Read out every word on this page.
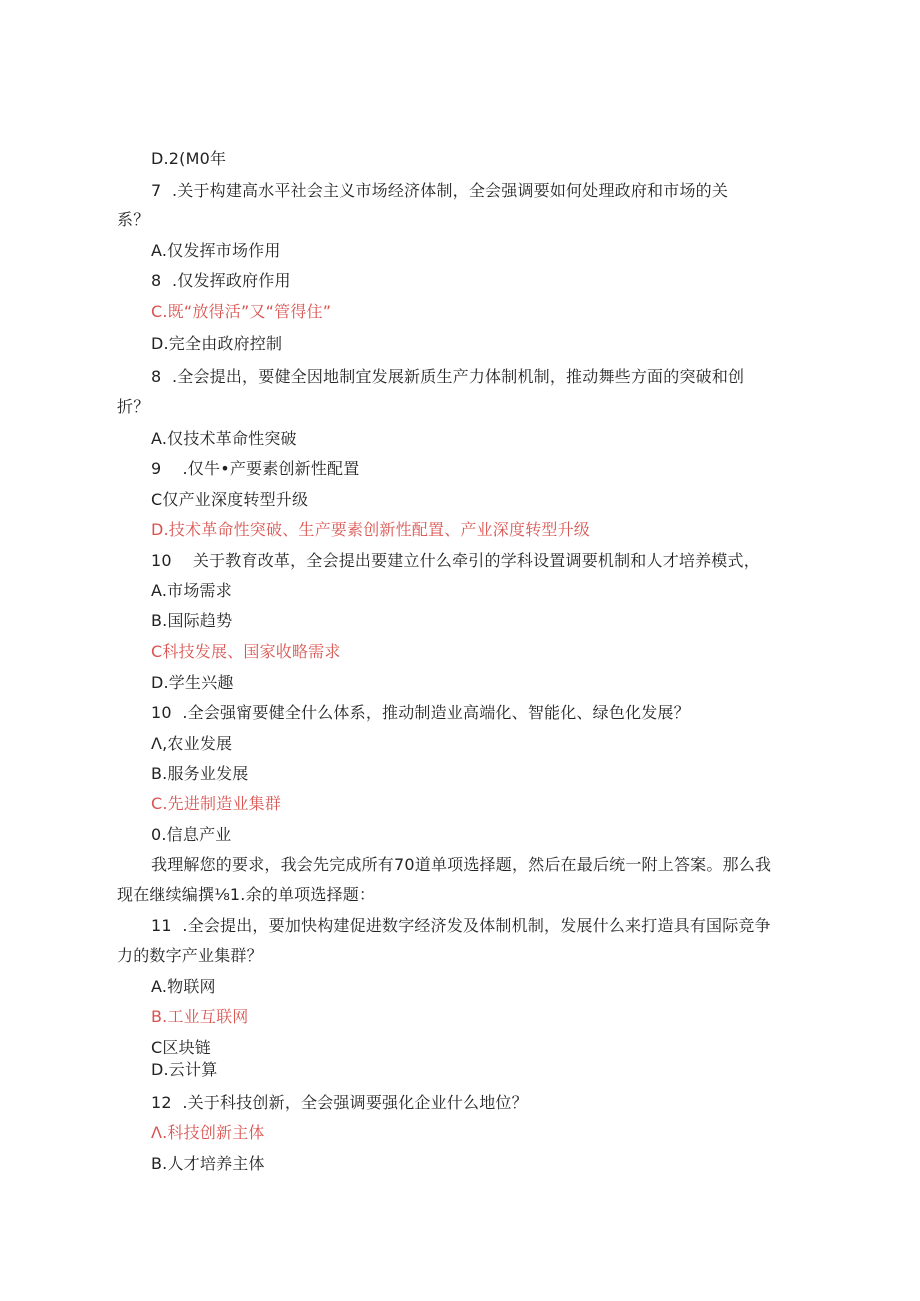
D.2(M0年
7  .关于构建高水平社会主义市场经济体制，全会强调要如何处理政府和市场的关
系？
A.仅发挥市场作用
8  .仅发挥政府作用
C.既“放得活”又“管得住”
D.完全由政府控制
8  .全会提出，要健全因地制宜发展新质生产力体制机制，推动舞些方面的突破和创
折？
A.仅技术革命性突破
9    .仅牛•产要素创新性配置
C仅产业深度转型升级
D.技术革命性突破、生产要素创新性配置、产业深度转型升级
10    关于教育改革，全会提出要建立什么牵引的学科设置调要机制和人才培养模式，
A.市场需求
B.国际趋势
C科技发展、国家收略需求
D.学生兴趣
10  .全会强甯要健全什么体系，推动制造业高端化、智能化、绿色化发展？
Λ,农业发展
B.服务业发展
C.先进制造业集群
0.信息产业
我理解您的要求，我会先完成所有70道单项选择题，然后在最后统一附上答案。那么我
现在继续编撰⅛1.余的单项选择题：
11  .全会提出，要加快构建促进数字经济发及体制机制，发展什么来打造具有国际竞争
力的数字产业集群？
A.物联网
B.工业互联网
C区块链
D.云计算
12  .关于科技创新，全会强调要强化企业什么地位？
Λ.科技创新主体
B.人才培养主体
